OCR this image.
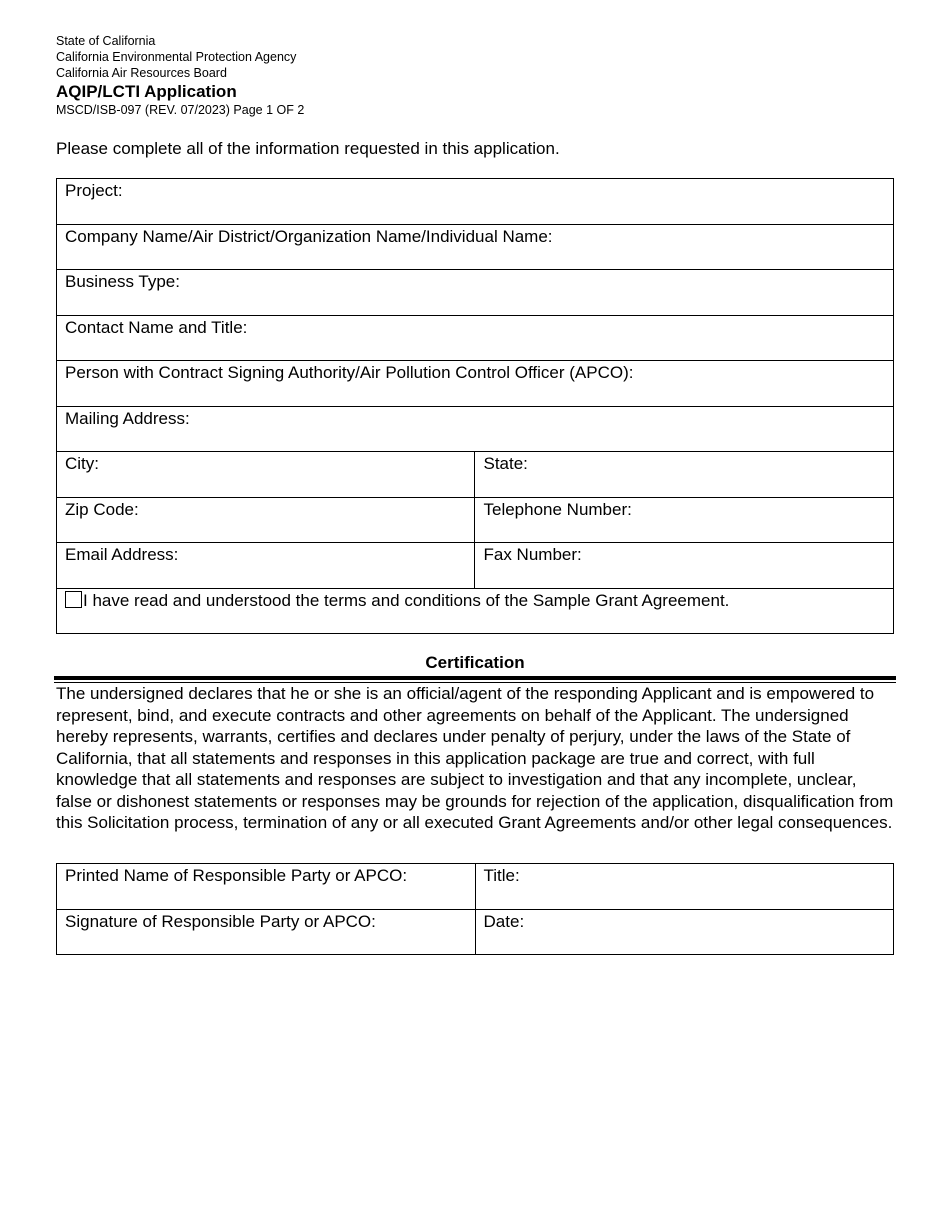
State of California
California Environmental Protection Agency
California Air Resources Board
AQIP/LCTI Application
MSCD/ISB-097 (REV. 07/2023) Page 1 OF 2
Please complete all of the information requested in this application.
Project:	
Company Name/Air District/Organization Name/Individual Name:	
Business Type:	
Contact Name and Title:	
Person with Contract Signing Authority/Air Pollution Control Officer (APCO):	
Mailing Address:	
City:	State:
Zip Code:	Telephone Number:
Email Address:	Fax Number:
I have read and understood the terms and conditions of the Sample Grant Agreement.	
Certification
The undersigned declares that he or she is an official/agent of the responding Applicant and is empowered to represent, bind, and execute contracts and other agreements on behalf of the Applicant. The undersigned hereby represents, warrants, certifies and declares under penalty of perjury, under the laws of the State of California, that all statements and responses in this application package are true and correct, with full knowledge that all statements and responses are subject to investigation and that any incomplete, unclear, false or dishonest statements or responses may be grounds for rejection of the application, disqualification from this Solicitation process, termination of any or all executed Grant Agreements and/or other legal consequences.
Printed Name of Responsible Party or APCO:	Title:
Signature of Responsible Party or APCO:	Date:
